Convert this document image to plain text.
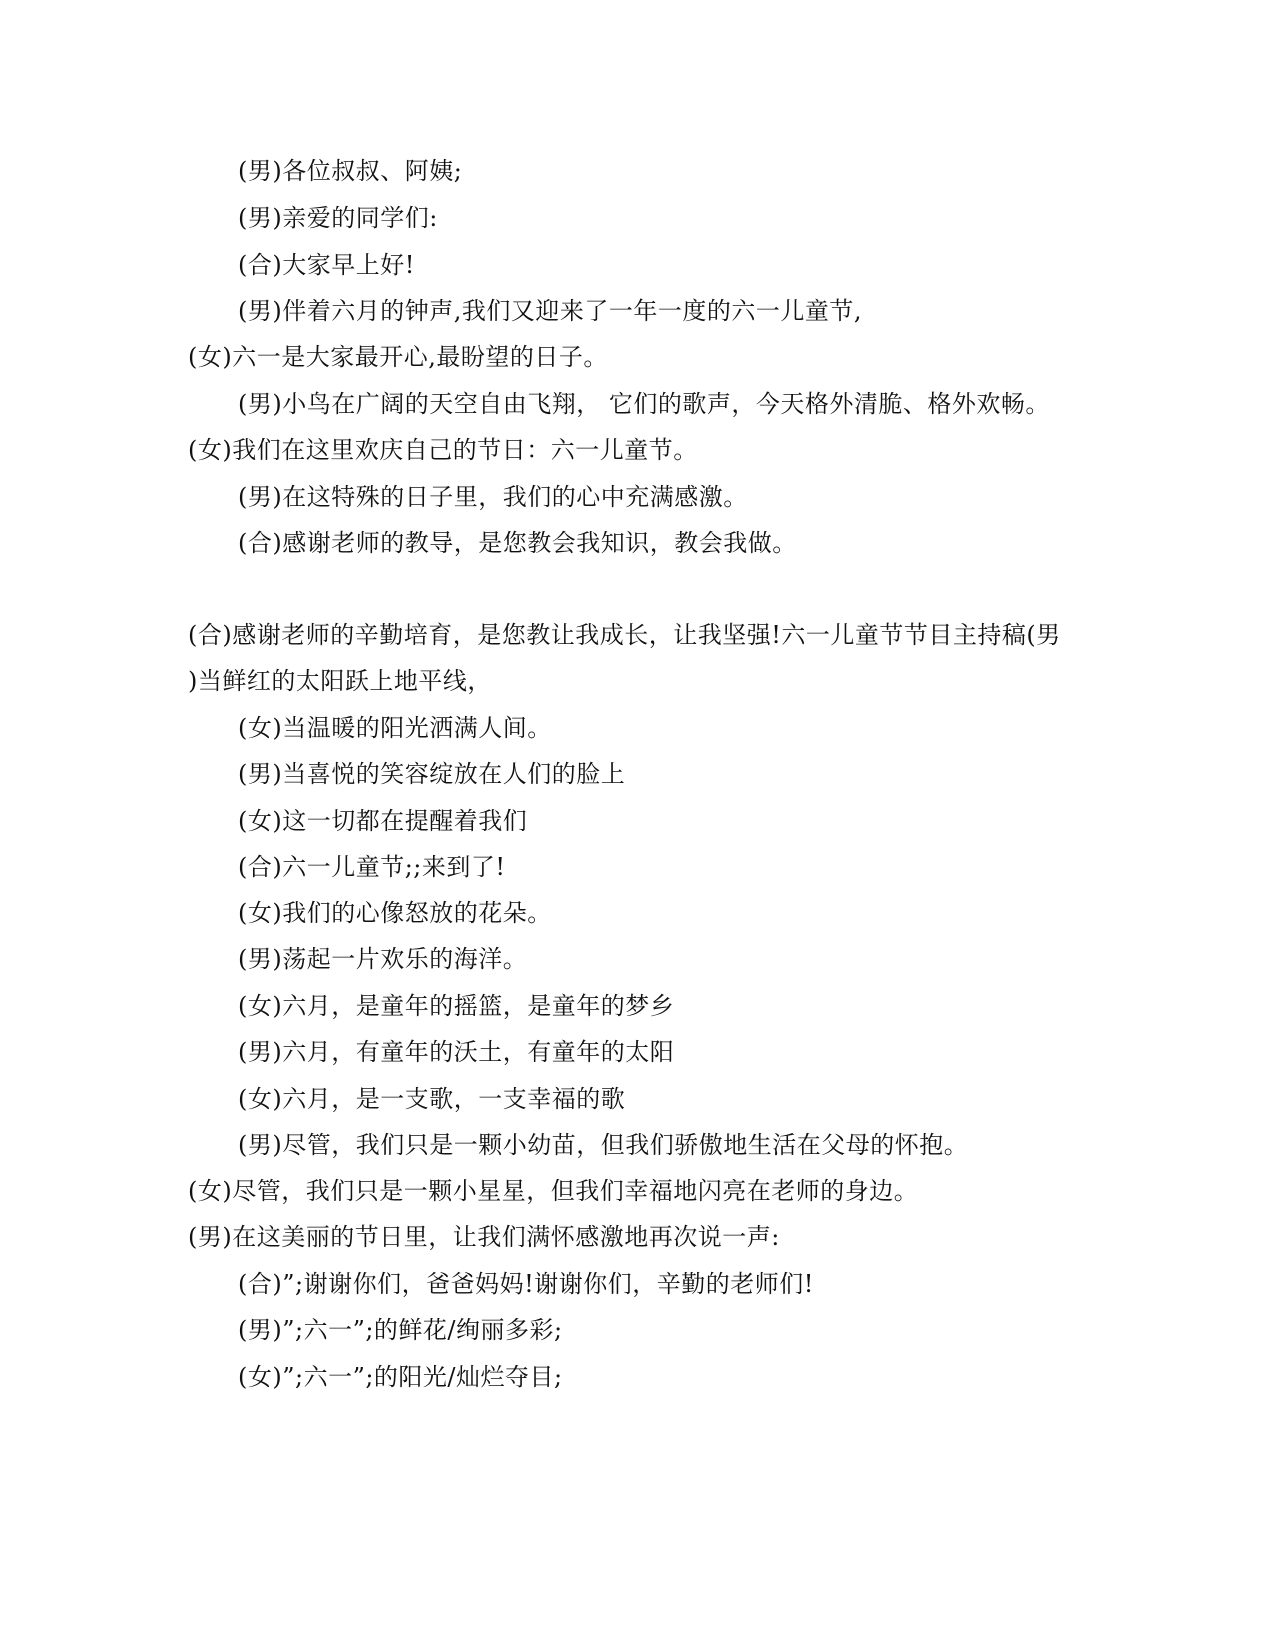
(男)各位叔叔、阿姨;
(男)亲爱的同学们:
(合)大家早上好!
(男)伴着六月的钟声,我们又迎来了一年一度的六一儿童节,
(女)六一是大家最开心,最盼望的日子。
(男)小鸟在广阔的天空自由飞翔， 它们的歌声，今天格外清脆、格外欢畅。
(女)我们在这里欢庆自己的节日：六一儿童节。
(男)在这特殊的日子里，我们的心中充满感激。
(合)感谢老师的教导，是您教会我知识，教会我做。
(合)感谢老师的辛勤培育，是您教让我成长，让我坚强!六一儿童节节目主持稿(男
)当鲜红的太阳跃上地平线，
(女)当温暖的阳光洒满人间。
(男)当喜悦的笑容绽放在人们的脸上
(女)这一切都在提醒着我们
(合)六一儿童节;;来到了!
(女)我们的心像怒放的花朵。
(男)荡起一片欢乐的海洋。
(女)六月，是童年的摇篮，是童年的梦乡
(男)六月，有童年的沃土，有童年的太阳
(女)六月，是一支歌，一支幸福的歌
(男)尽管，我们只是一颗小幼苗，但我们骄傲地生活在父母的怀抱。
(女)尽管，我们只是一颗小星星，但我们幸福地闪亮在老师的身边。
(男)在这美丽的节日里，让我们满怀感激地再次说一声:
(合)”;谢谢你们，爸爸妈妈!谢谢你们，辛勤的老师们!
(男)”;六一”;的鲜花/绚丽多彩;
(女)”;六一”;的阳光/灿烂夺目;
